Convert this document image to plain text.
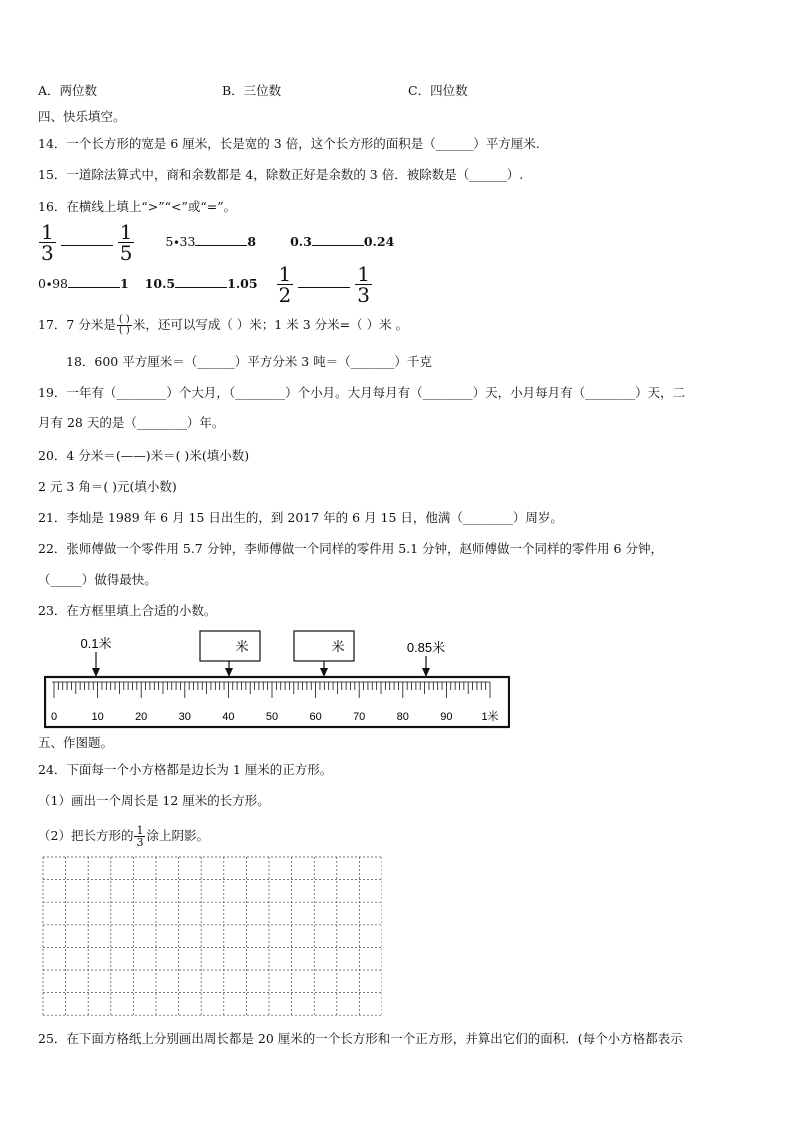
A．两位数	B．三位数	C．四位数
四、快乐填空。
14．一个长方形的宽是 6 厘米，长是宽的 3 倍，这个长方形的面积是（______）平方厘米.
15．一道除法算式中，商和余数都是 4，除数正好是余数的 3 倍．被除数是（______）.
16．在横线上填上“>”“<”或“=”。
$\frac{1}{3}$
	$\frac{1}{5} 5\cdot 33$	8	0.3	0.24
0∙98	1 10.5	$1.05 \frac{1}{2}$
	$\frac{1}{3}$
17．7 分米是 $\frac{( )}{( )}$ 米，还可以写成（ ）米；1 米 3 分米=（ ）米 。
18．600 平方厘米＝（______）平方分米 3 吨＝（_______）千克
19．一年有（________）个大月，（________）个小月。大月每月有（________）天，小月每月有（________）天，二
月有 28 天的是（________）年。
20．4 分米＝(——)米＝( )米(填小数)
2 元 3 角＝( )元(填小数)
21．李灿是 1989 年 6 月 15 日出生的，到 2017 年的 6 月 15 日，他满（________）周岁。
22．张师傅做一个零件用 5.7 分钟，李师傅做一个同样的零件用 5.1 分钟，赵师傅做一个同样的零件用 6 分钟，
（_____）做得最快。
23．在方框里填上合适的小数。
0.1米	米	米	0.85米
0	10	20	30	40	50	60	70	80	90	1米
五、作图题。
24．下面每一个小方格都是边长为 1 厘米的正方形。
（1）画出一个周长是 12 厘米的长方形。
（2）把长方形的 $\frac{1}{3}$ 涂上阴影。
25．在下面方格纸上分别画出周长都是 20 厘米的一个长方形和一个正方形，并算出它们的面积．(每个小方格都表示
